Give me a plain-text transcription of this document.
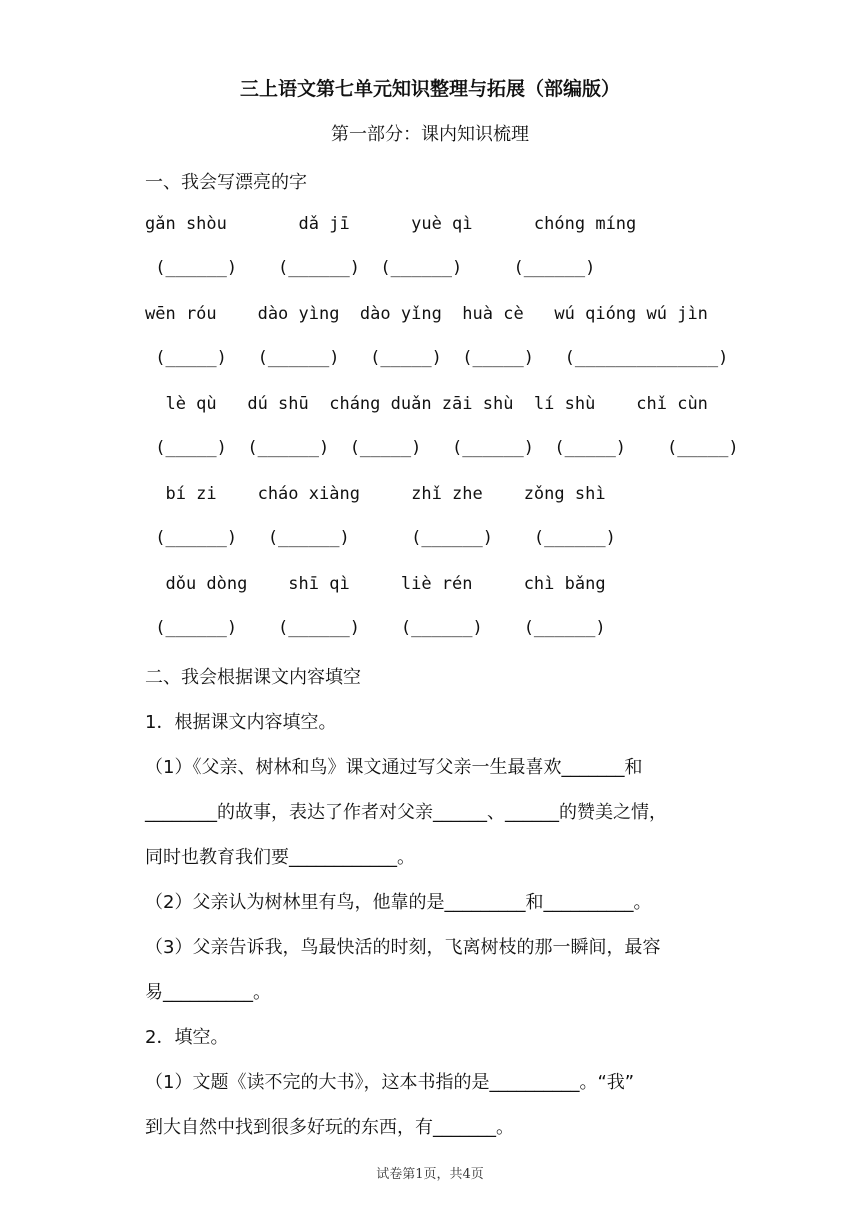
三上语文第七单元知识整理与拓展（部编版）
第一部分：课内知识梳理
一、我会写漂亮的字
gǎn shòu       dǎ jī      yuè qì      chóng míng
(______)    (______)  (______)     (______)
wēn róu    dào yìng  dào yǐng  huà cè   wú qióng wú jìn
(_____)   (______)   (_____)  (_____)   (______________)
lè qù   dú shū  cháng duǎn zāi shù  lí shù    chǐ cùn
(_____)  (______)  (_____)   (______)  (_____)    (_____)
bí zi    cháo xiàng     zhǐ zhe    zǒng shì
(______)   (______)      (______)    (______)
dǒu dòng    shī qì     liè rén     chì bǎng
(______)    (______)    (______)    (______)
二、我会根据课文内容填空
1．根据课文内容填空。
（1）《父亲、树林和鸟》课文通过写父亲一生最喜欢_______和
________的故事，表达了作者对父亲______、______的赞美之情，
同时也教育我们要____________。
（2）父亲认为树林里有鸟，他靠的是_________和__________。
（3）父亲告诉我，鸟最快活的时刻，飞离树枝的那一瞬间，最容
易__________。
2．填空。
（1）文题《读不完的大书》，这本书指的是__________。“我”
到大自然中找到很多好玩的东西，有_______。
试卷第1页，共4页
